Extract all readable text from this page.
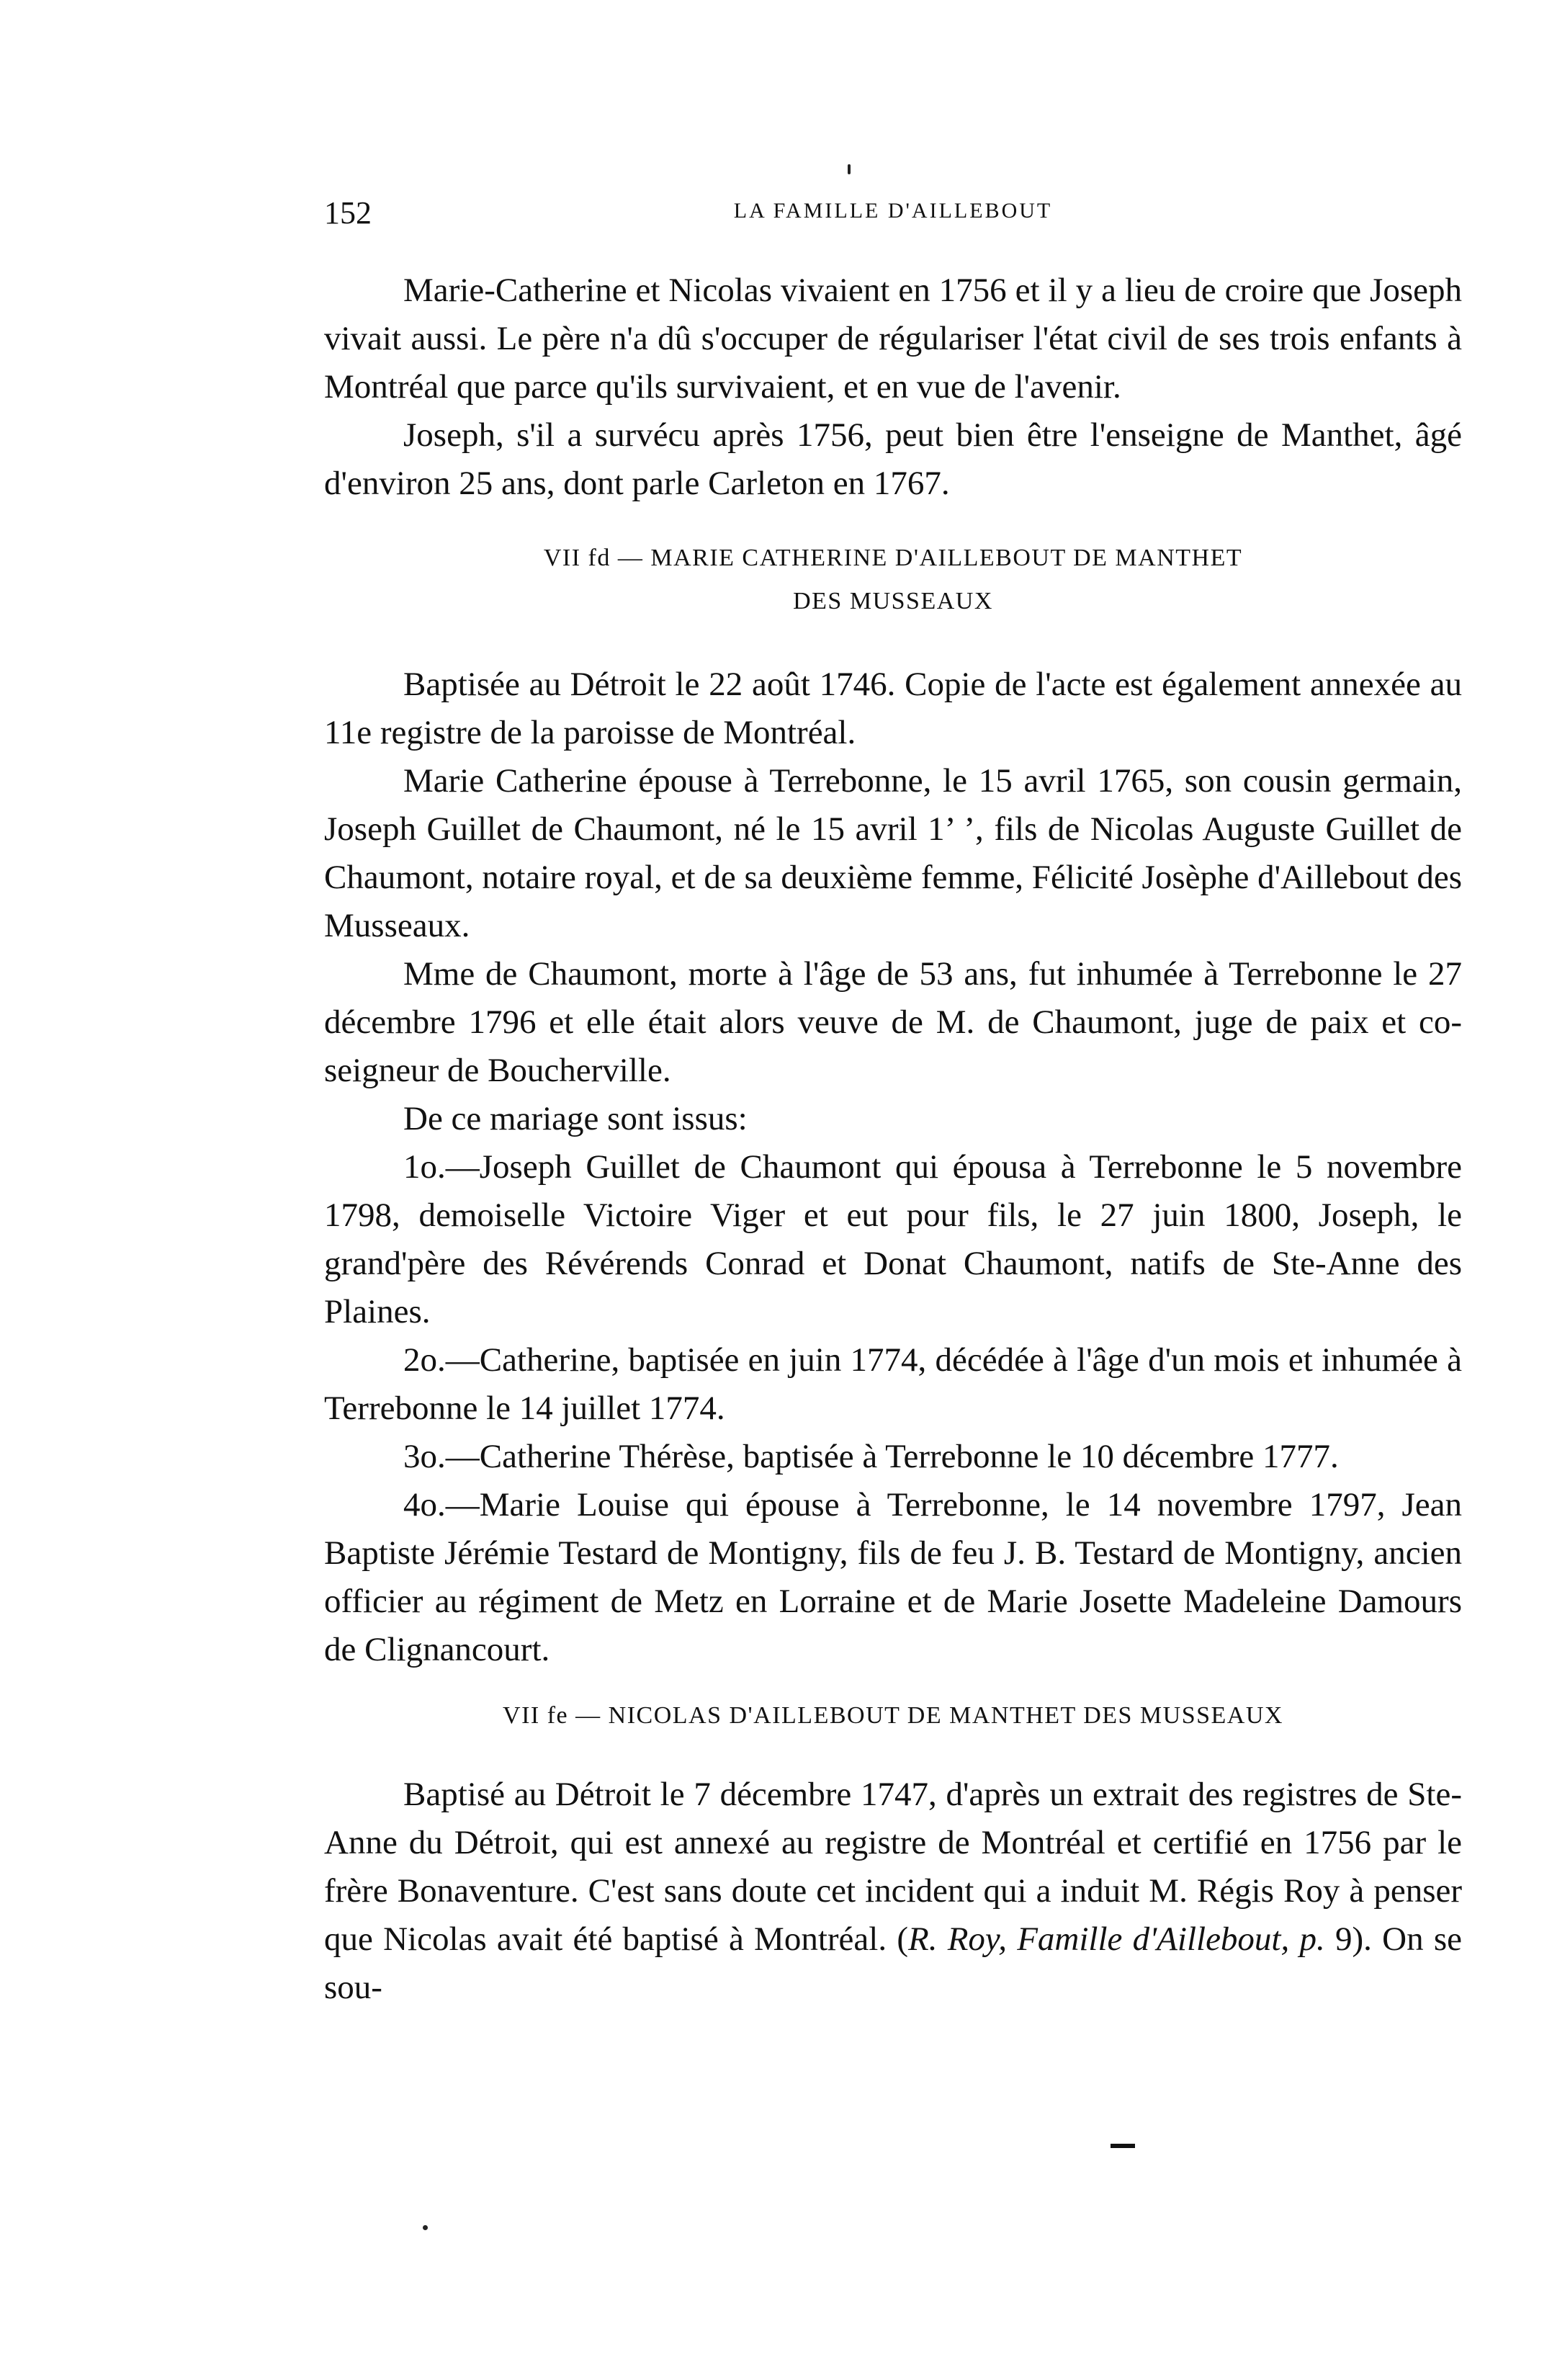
152	LA FAMILLE D'AILLEBOUT

Marie-Catherine et Nicolas vivaient en 1756 et il y a lieu de croire que Joseph vivait aussi. Le père n'a dû s'occuper de régulariser l'état civil de ses trois enfants à Montréal que parce qu'ils survivaient, et en vue de l'avenir.

Joseph, s'il a survécu après 1756, peut bien être l'enseigne de Manthet, âgé d'environ 25 ans, dont parle Carleton en 1767.

VII fd — MARIE CATHERINE D'AILLEBOUT DE MANTHET
DES MUSSEAUX

Baptisée au Détroit le 22 août 1746. Copie de l'acte est également annexée au 11e registre de la paroisse de Montréal.

Marie Catherine épouse à Terrebonne, le 15 avril 1765, son cousin germain, Joseph Guillet de Chaumont, né le 15 avril 1’ ’, fils de Nicolas Auguste Guillet de Chaumont, notaire royal, et de sa deuxième femme, Félicité Josèphe d'Aillebout des Musseaux.

Mme de Chaumont, morte à l'âge de 53 ans, fut inhumée à Terrebonne le 27 décembre 1796 et elle était alors veuve de M. de Chaumont, juge de paix et co-seigneur de Boucherville.

De ce mariage sont issus:

1o.—Joseph Guillet de Chaumont qui épousa à Terrebonne le 5 novembre 1798, demoiselle Victoire Viger et eut pour fils, le 27 juin 1800, Joseph, le grand'père des Révérends Conrad et Donat Chaumont, natifs de Ste-Anne des Plaines.

2o.—Catherine, baptisée en juin 1774, décédée à l'âge d'un mois et inhumée à Terrebonne le 14 juillet 1774.

3o.—Catherine Thérèse, baptisée à Terrebonne le 10 décembre 1777.

4o.—Marie Louise qui épouse à Terrebonne, le 14 novembre 1797, Jean Baptiste Jérémie Testard de Montigny, fils de feu J. B. Testard de Montigny, ancien officier au régiment de Metz en Lorraine et de Marie Josette Madeleine Damours de Clignancourt.

VII fe — NICOLAS D'AILLEBOUT DE MANTHET DES MUSSEAUX

Baptisé au Détroit le 7 décembre 1747, d'après un extrait des registres de Ste-Anne du Détroit, qui est annexé au registre de Montréal et certifié en 1756 par le frère Bonaventure. C'est sans doute cet incident qui a induit M. Régis Roy à penser que Nicolas avait été baptisé à Montréal. (R. Roy, Famille d'Aillebout, p. 9). On se sou-
